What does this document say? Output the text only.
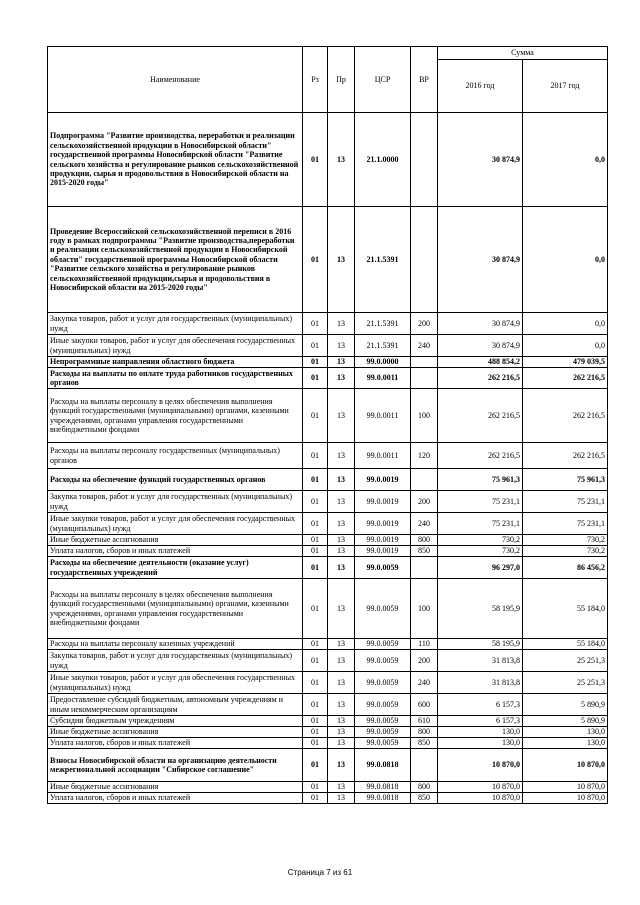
Наименование	Рз	Пр	ЦСР	ВР	Сумма	
					2016 год	2017 год
Подпрограмма "Развитие производства, переработки и реализации сельскохозяйственной продукции в Новосибирской области" государственной программы Новосибирской области "Развитие сельского хозяйства и регулирование рынков сельскохозяйственной продукции, сырья и продовольствия в Новосибирской области на 2015-2020 годы"	01	13	21.1.0000		30 874,9	0,0
Проведение Всероссийской сельскохозяйственной переписи в 2016 году в рамках подпрограммы "Развитие производства,переработки и реализации сельскохозяйственной продукции в Новосибирской области" государственной программы Новосибирской области "Развитие сельского хозяйства и регулирование рынков сельскохозяйственной продукции,сырья и продовольствия в Новосибирской области на 2015-2020 годы"	01	13	21.1.5391		30 874,9	0,0
Закупка товаров, работ и услуг для государственных (муниципальных) нужд	01	13	21.1.5391	200	30 874,9	0,0
Иные закупки товаров, работ и услуг для обеспечения государственных (муниципальных) нужд	01	13	21.1.5391	240	30 874,9	0,0
Непрограммные направления областного бюджета	01	13	99.0.0000		488 854,2	479 039,5
Расходы на выплаты по оплате труда работников государственных органов	01	13	99.0.0011		262 216,5	262 216,5
Расходы на выплаты персоналу в целях обеспечения выполнения функций государственными (муниципальными) органами, казенными учреждениями, органами управления государственными внебюджетными фондами	01	13	99.0.0011	100	262 216,5	262 216,5
Расходы на выплаты персоналу государственных (муниципальных) органов	01	13	99.0.0011	120	262 216,5	262 216,5
Расходы на обеспечение функций государственных органов	01	13	99.0.0019		75 961,3	75 961,3
Закупка товаров, работ и услуг для государственных (муниципальных) нужд	01	13	99.0.0019	200	75 231,1	75 231,1
Иные закупки товаров, работ и услуг для обеспечения государственных (муниципальных) нужд	01	13	99.0.0019	240	75 231,1	75 231,1
Иные бюджетные ассигнования	01	13	99.0.0019	800	730,2	730,2
Уплата налогов, сборов и иных платежей	01	13	99.0.0019	850	730,2	730,2
Расходы на обеспечение деятельности (оказание услуг) государственных учреждений	01	13	99.0.0059		96 297,0	86 456,2
Расходы на выплаты персоналу в целях обеспечения выполнения функций государственными (муниципальными) органами, казенными учреждениями, органами управления государственными внебюджетными фондами	01	13	99.0.0059	100	58 195,9	55 184,0
Расходы на выплаты персоналу казенных учреждений	01	13	99.0.0059	110	58 195,9	55 184,0
Закупка товаров, работ и услуг для государственных (муниципальных) нужд	01	13	99.0.0059	200	31 813,8	25 251,3
Иные закупки товаров, работ и услуг для обеспечения государственных (муниципальных) нужд	01	13	99.0.0059	240	31 813,8	25 251,3
Предоставление субсидий бюджетным, автономным учреждениям и иным некоммерческим организациям	01	13	99.0.0059	600	6 157,3	5 890,9
Субсидии бюджетным учреждениям	01	13	99.0.0059	610	6 157,3	5 890,9
Иные бюджетные ассигнования	01	13	99.0.0059	800	130,0	130,0
Уплата налогов, сборов и иных платежей	01	13	99.0.0059	850	130,0	130,0
Взносы Новосибирской области на организацию деятельности межрегиональной ассоциации "Сибирское соглашение"	01	13	99.0.0818		10 870,0	10 870,0
Иные бюджетные ассигнования	01	13	99.0.0818	800	10 870,0	10 870,0
Уплата налогов, сборов и иных платежей	01	13	99.0.0818	850	10 870,0	10 870,0
Страница 7 из 61
